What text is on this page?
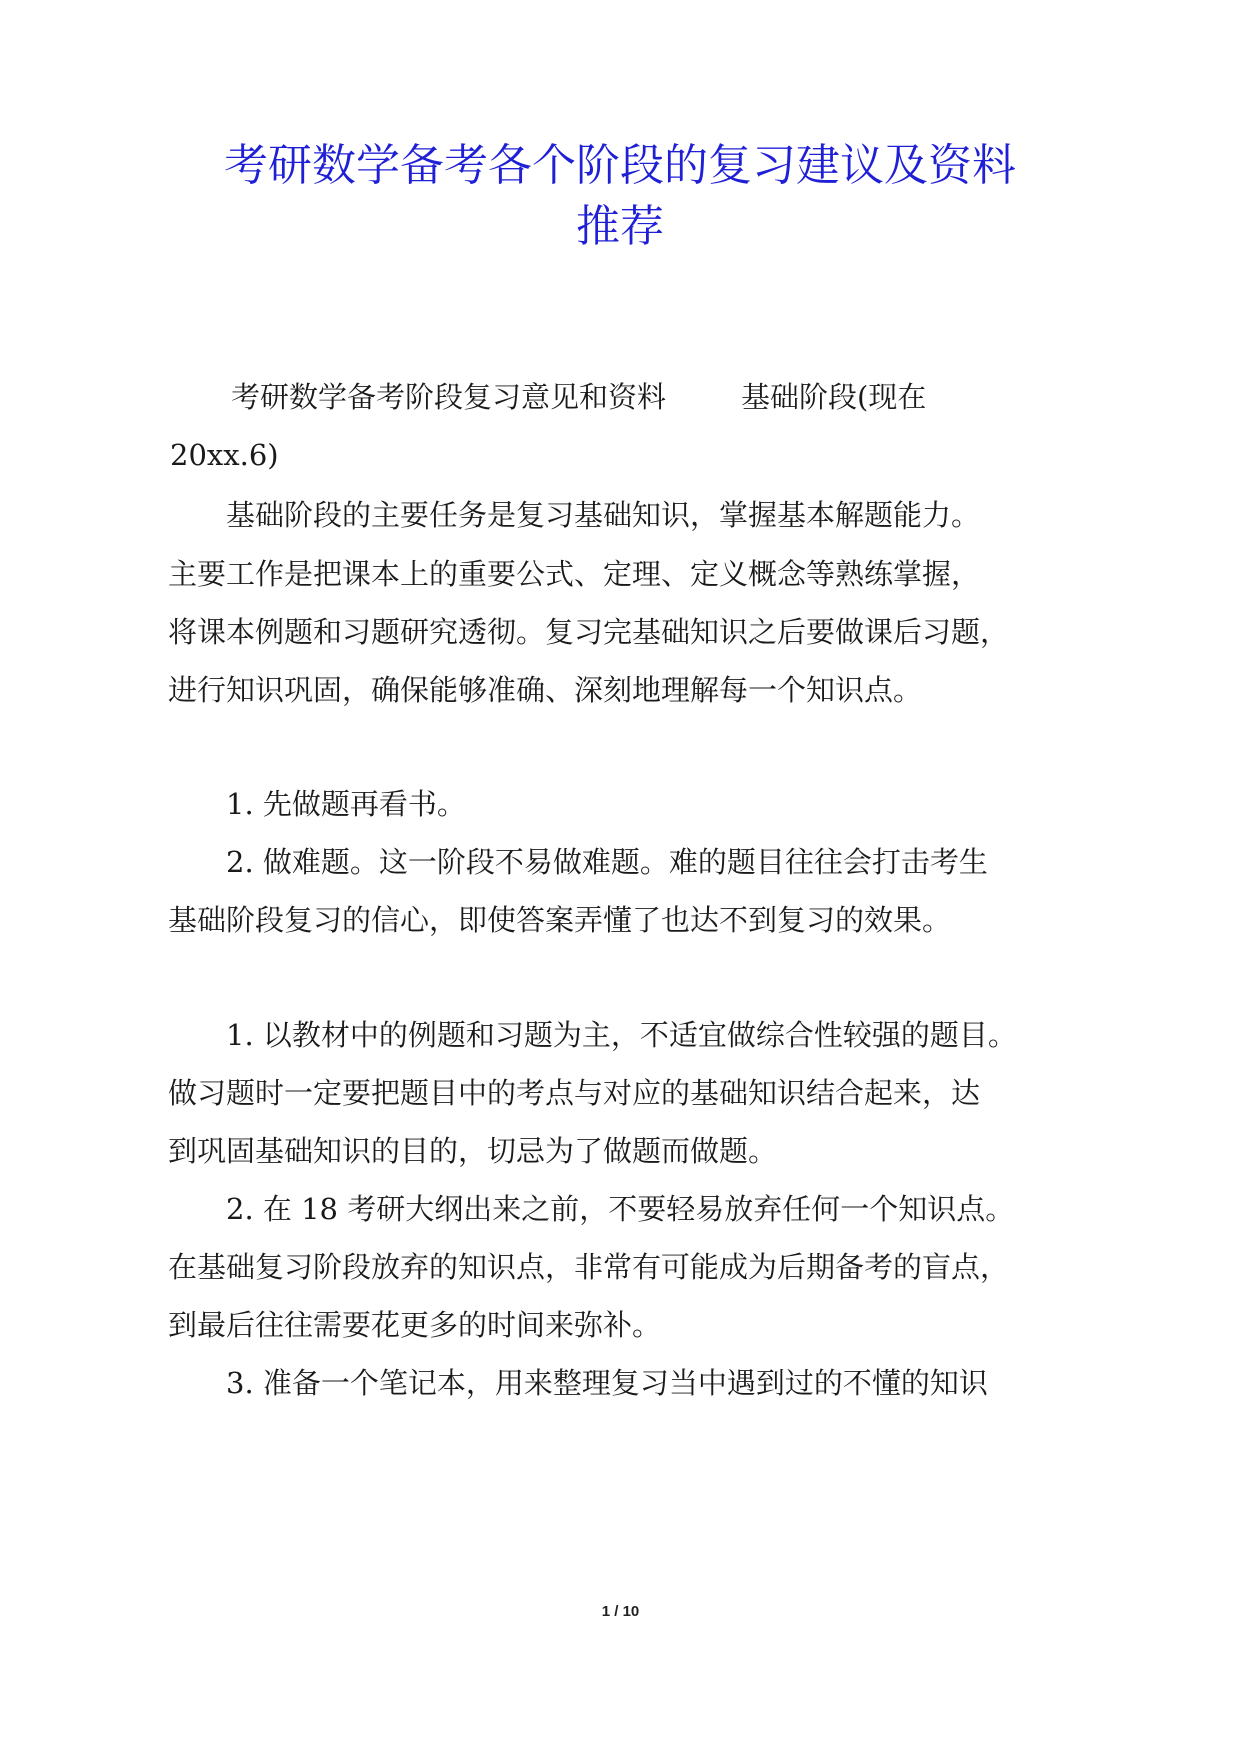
考研数学备考各个阶段的复习建议及资料
推荐
考研数学备考阶段复习意见和资料	基础阶段(现在
20xx.6)
基础阶段的主要任务是复习基础知识，掌握基本解题能力。
主要工作是把课本上的重要公式、定理、定义概念等熟练掌握，
将课本例题和习题研究透彻。复习完基础知识之后要做课后习题，
进行知识巩固，确保能够准确、深刻地理解每一个知识点。
1. 先做题再看书。
2. 做难题。这一阶段不易做难题。难的题目往往会打击考生
基础阶段复习的信心，即使答案弄懂了也达不到复习的效果。
1. 以教材中的例题和习题为主，不适宜做综合性较强的题目。
做习题时一定要把题目中的考点与对应的基础知识结合起来，达
到巩固基础知识的目的，切忌为了做题而做题。
2. 在 18 考研大纲出来之前，不要轻易放弃任何一个知识点。
在基础复习阶段放弃的知识点，非常有可能成为后期备考的盲点，
到最后往往需要花更多的时间来弥补。
3. 准备一个笔记本，用来整理复习当中遇到过的不懂的知识
1 / 10
